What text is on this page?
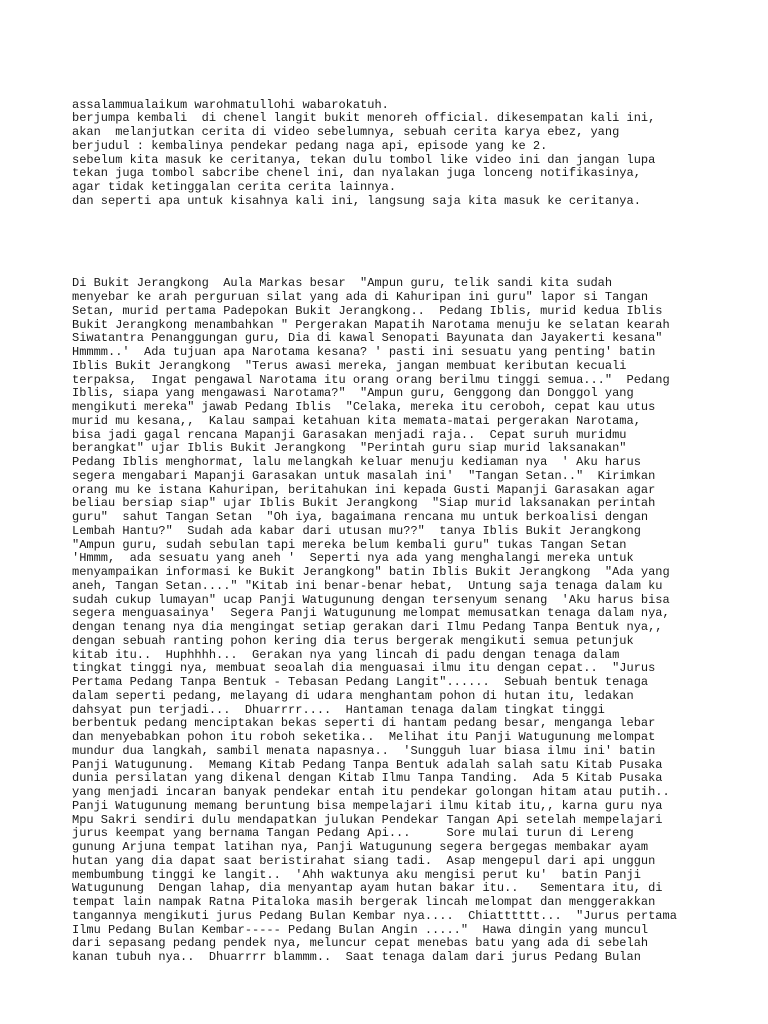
assalammualaikum warohmatullohi wabarokatuh.
berjumpa kembali  di chenel langit bukit menoreh official. dikesempatan kali ini,
akan  melanjutkan cerita di video sebelumnya, sebuah cerita karya ebez, yang
berjudul : kembalinya pendekar pedang naga api, episode yang ke 2.
sebelum kita masuk ke ceritanya, tekan dulu tombol like video ini dan jangan lupa
tekan juga tombol sabcribe chenel ini, dan nyalakan juga lonceng notifikasinya,
agar tidak ketinggalan cerita cerita lainnya.
dan seperti apa untuk kisahnya kali ini, langsung saja kita masuk ke ceritanya.

Di Bukit Jerangkong  Aula Markas besar  "Ampun guru, telik sandi kita sudah
menyebar ke arah perguruan silat yang ada di Kahuripan ini guru" lapor si Tangan
Setan, murid pertama Padepokan Bukit Jerangkong..  Pedang Iblis, murid kedua Iblis
Bukit Jerangkong menambahkan " Pergerakan Mapatih Narotama menuju ke selatan kearah
Siwatantra Penanggungan guru, Dia di kawal Senopati Bayunata dan Jayakerti kesana"
Hmmmm..'  Ada tujuan apa Narotama kesana? ' pasti ini sesuatu yang penting' batin
Iblis Bukit Jerangkong  "Terus awasi mereka, jangan membuat keributan kecuali
terpaksa,  Ingat pengawal Narotama itu orang orang berilmu tinggi semua..."  Pedang
Iblis, siapa yang mengawasi Narotama?"  "Ampun guru, Genggong dan Donggol yang
mengikuti mereka" jawab Pedang Iblis  "Celaka, mereka itu ceroboh, cepat kau utus
murid mu kesana,,  Kalau sampai ketahuan kita memata-matai pergerakan Narotama,
bisa jadi gagal rencana Mapanji Garasakan menjadi raja..  Cepat suruh muridmu
berangkat" ujar Iblis Bukit Jerangkong  "Perintah guru siap murid laksanakan"
Pedang Iblis menghormat, lalu melangkah keluar menuju kediaman nya  ' Aku harus
segera mengabari Mapanji Garasakan untuk masalah ini'  "Tangan Setan.."  Kirimkan
orang mu ke istana Kahuripan, beritahukan ini kepada Gusti Mapanji Garasakan agar
beliau bersiap siap" ujar Iblis Bukit Jerangkong  "Siap murid laksanakan perintah
guru"  sahut Tangan Setan  "Oh iya, bagaimana rencana mu untuk berkoalisi dengan
Lembah Hantu?"  Sudah ada kabar dari utusan mu??"  tanya Iblis Bukit Jerangkong
"Ampun guru, sudah sebulan tapi mereka belum kembali guru" tukas Tangan Setan
'Hmmm,  ada sesuatu yang aneh '  Seperti nya ada yang menghalangi mereka untuk
menyampaikan informasi ke Bukit Jerangkong" batin Iblis Bukit Jerangkong  "Ada yang
aneh, Tangan Setan...." "Kitab ini benar-benar hebat,  Untung saja tenaga dalam ku
sudah cukup lumayan" ucap Panji Watugunung dengan tersenyum senang  'Aku harus bisa
segera menguasainya'  Segera Panji Watugunung melompat memusatkan tenaga dalam nya,
dengan tenang nya dia mengingat setiap gerakan dari Ilmu Pedang Tanpa Bentuk nya,,
dengan sebuah ranting pohon kering dia terus bergerak mengikuti semua petunjuk
kitab itu..  Huphhhh...  Gerakan nya yang lincah di padu dengan tenaga dalam
tingkat tinggi nya, membuat seoalah dia menguasai ilmu itu dengan cepat..  "Jurus
Pertama Pedang Tanpa Bentuk - Tebasan Pedang Langit"......  Sebuah bentuk tenaga
dalam seperti pedang, melayang di udara menghantam pohon di hutan itu, ledakan
dahsyat pun terjadi...  Dhuarrrr....  Hantaman tenaga dalam tingkat tinggi
berbentuk pedang menciptakan bekas seperti di hantam pedang besar, menganga lebar
dan menyebabkan pohon itu roboh seketika..  Melihat itu Panji Watugunung melompat
mundur dua langkah, sambil menata napasnya..  'Sungguh luar biasa ilmu ini' batin
Panji Watugunung.  Memang Kitab Pedang Tanpa Bentuk adalah salah satu Kitab Pusaka
dunia persilatan yang dikenal dengan Kitab Ilmu Tanpa Tanding.  Ada 5 Kitab Pusaka
yang menjadi incaran banyak pendekar entah itu pendekar golongan hitam atau putih..
Panji Watugunung memang beruntung bisa mempelajari ilmu kitab itu,, karna guru nya
Mpu Sakri sendiri dulu mendapatkan julukan Pendekar Tangan Api setelah mempelajari
jurus keempat yang bernama Tangan Pedang Api...     Sore mulai turun di Lereng
gunung Arjuna tempat latihan nya, Panji Watugunung segera bergegas membakar ayam
hutan yang dia dapat saat beristirahat siang tadi.  Asap mengepul dari api unggun
membumbung tinggi ke langit..  'Ahh waktunya aku mengisi perut ku'  batin Panji
Watugunung  Dengan lahap, dia menyantap ayam hutan bakar itu..   Sementara itu, di
tempat lain nampak Ratna Pitaloka masih bergerak lincah melompat dan menggerakkan
tangannya mengikuti jurus Pedang Bulan Kembar nya....  Chiatttttt...  "Jurus pertama
Ilmu Pedang Bulan Kembar----- Pedang Bulan Angin ....."  Hawa dingin yang muncul
dari sepasang pedang pendek nya, meluncur cepat menebas batu yang ada di sebelah
kanan tubuh nya..  Dhuarrrr blammm..  Saat tenaga dalam dari jurus Pedang Bulan
